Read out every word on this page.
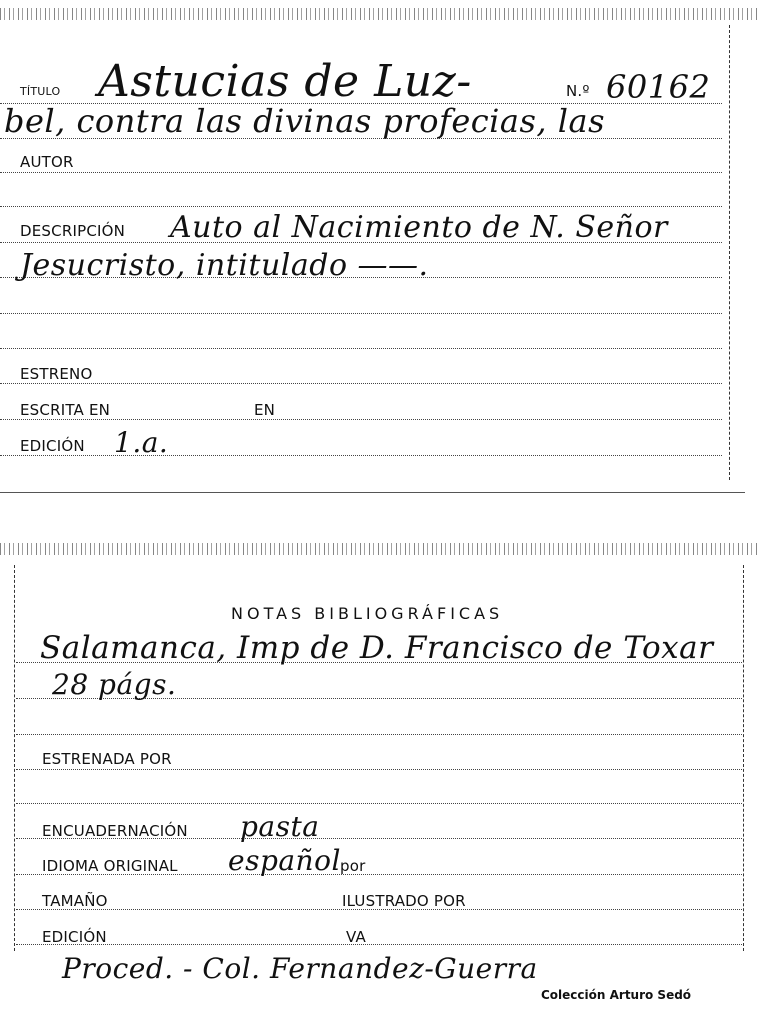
TÍTULO Astucias de Luz-	N.º 60162
bel, contra las divinas profecias, las
AUTOR
DESCRIPCIÓN Auto al Nacimiento de N. Señor
Jesucristo, intitulado ——.
ESTRENO
ESCRITA EN	EN
EDICIÓN 1.a.
NOTAS BIBLIOGRÁFICAS
Salamanca, Imp de D. Francisco de Toxar
28 págs.
ESTRENADA POR
ENCUADERNACIÓN pasta
IDIOMA ORIGINAL español por
TAMAÑO	ILUSTRADO POR
EDICIÓN	VA
Proced. - Col. Fernandez-Guerra
Colección Arturo Sedó
